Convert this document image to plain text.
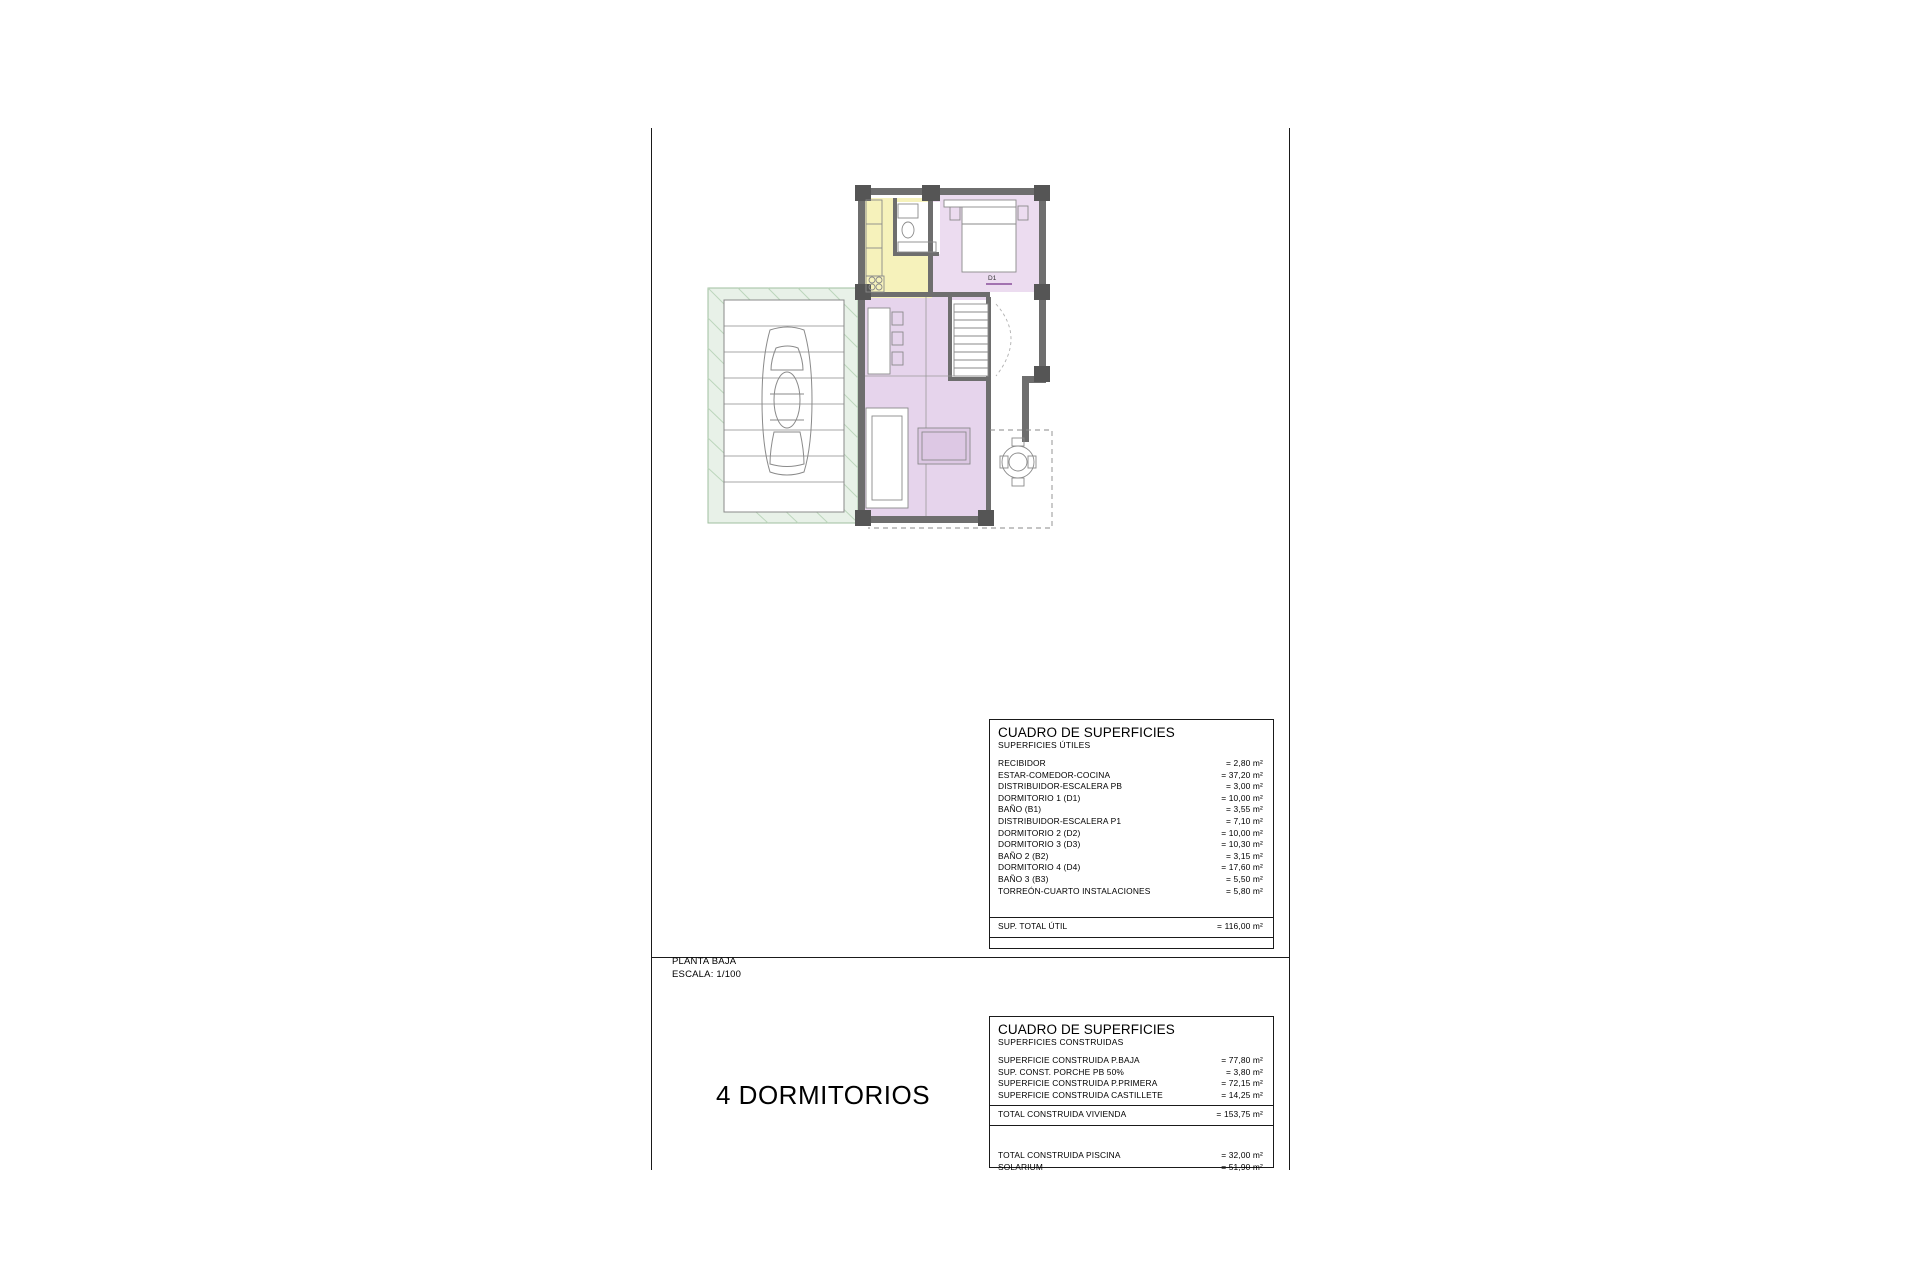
D1
PLANTA BAJA
ESCALA: 1/100
4 DORMITORIOS
CUADRO DE SUPERFICIES
SUPERFICIES ÚTILES
RECIBIDOR	= 2,80 m²
ESTAR-COMEDOR-COCINA	= 37,20 m²
DISTRIBUIDOR-ESCALERA PB	= 3,00 m²
DORMITORIO 1 (D1)	= 10,00 m²
BAÑO (B1)	= 3,55 m²
DISTRIBUIDOR-ESCALERA P1	= 7,10 m²
DORMITORIO 2 (D2)	= 10,00 m²
DORMITORIO 3 (D3)	= 10,30 m²
BAÑO 2 (B2)	= 3,15 m²
DORMITORIO 4 (D4)	= 17,60 m²
BAÑO 3 (B3)	= 5,50 m²
TORREÓN-CUARTO INSTALACIONES	= 5,80 m²
SUP. TOTAL ÚTIL	= 116,00 m²
CUADRO DE SUPERFICIES
SUPERFICIES CONSTRUIDAS
SUPERFICIE CONSTRUIDA P.BAJA	= 77,80 m²
SUP. CONST. PORCHE PB 50%	= 3,80 m²
SUPERFICIE CONSTRUIDA P.PRIMERA	= 72,15 m²
SUPERFICIE CONSTRUIDA CASTILLETE	= 14,25 m²
TOTAL CONSTRUIDA VIVIENDA	= 153,75 m²
TOTAL CONSTRUIDA PISCINA	= 32,00 m²
SOLARIUM	= 51,90 m²
